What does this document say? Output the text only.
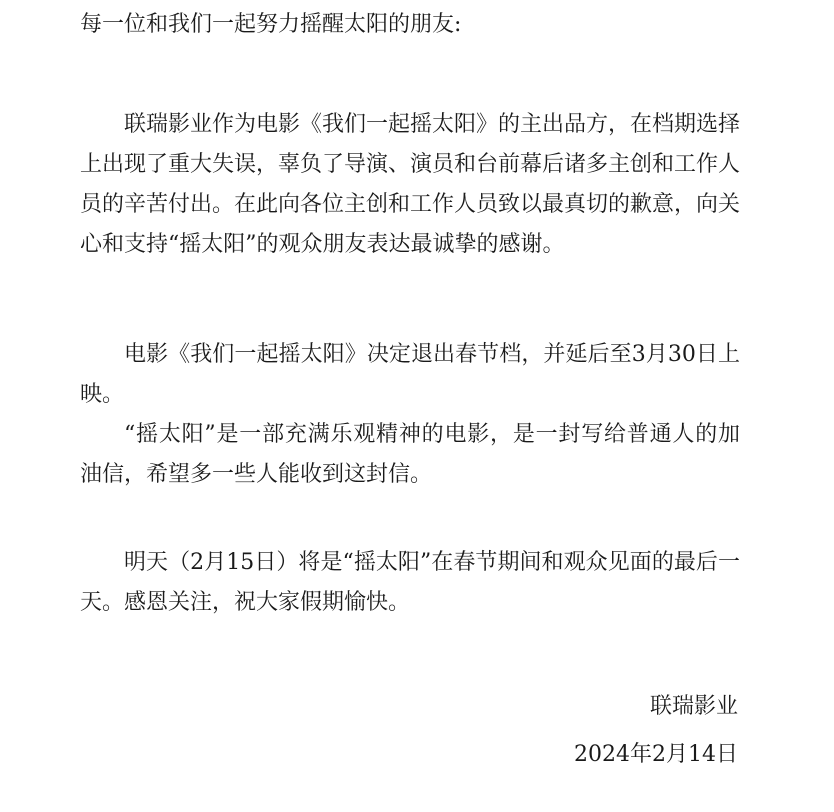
每一位和我们一起努力摇醒太阳的朋友:

联瑞影业作为电影《我们一起摇太阳》的主出品方，在档期选择上出现了重大失误，辜负了导演、演员和台前幕后诸多主创和工作人员的辛苦付出。在此向各位主创和工作人员致以最真切的歉意，向关心和支持“摇太阳”的观众朋友表达最诚挚的感谢。

电影《我们一起摇太阳》决定退出春节档，并延后至3月30日上映。

“摇太阳”是一部充满乐观精神的电影，是一封写给普通人的加油信，希望多一些人能收到这封信。

明天（2月15日）将是“摇太阳”在春节期间和观众见面的最后一天。感恩关注，祝大家假期愉快。

联瑞影业

2024年2月14日
